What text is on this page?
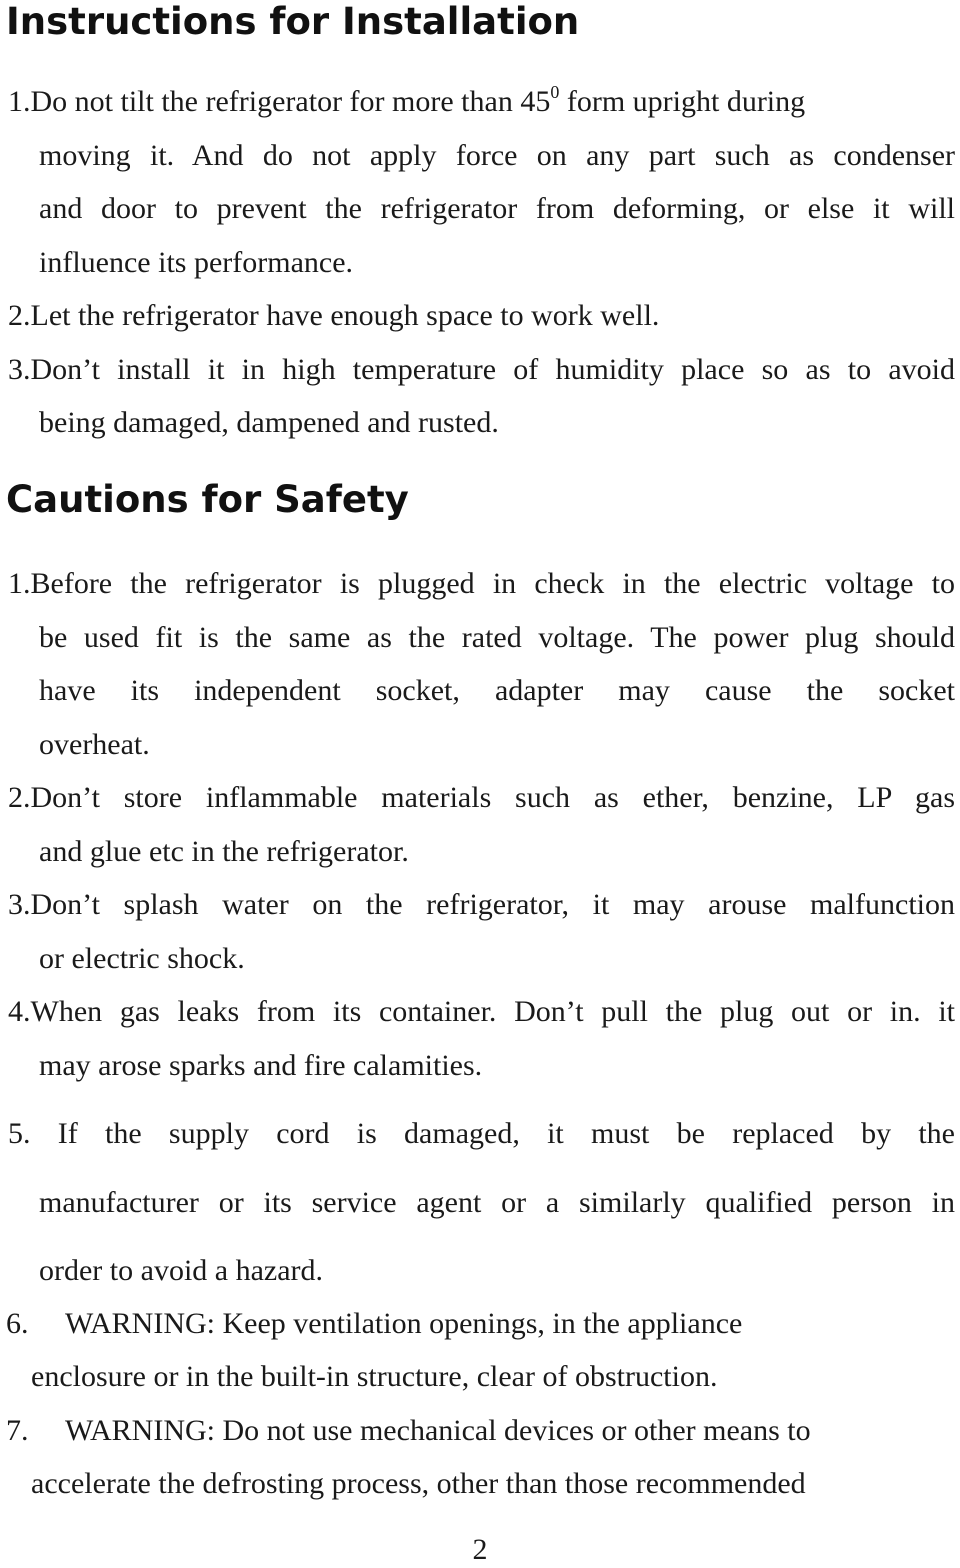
Instructions for Installation
1.Do not tilt the refrigerator for more than $45^0$ form upright during
moving it. And do not apply force on any part such as condenser
and door to prevent the refrigerator from deforming, or else it will
influence its performance.
2.Let the refrigerator have enough space to work well.
3.Don’t install it in high temperature of humidity place so as to avoid
being damaged, dampened and rusted.
Cautions for Safety
1.Before the refrigerator is plugged in check in the electric voltage to
be used fit is the same as the rated voltage. The power plug should
have its independent socket, adapter may cause the socket
overheat.
2.Don’t store inflammable materials such as ether, benzine, LP gas
and glue etc in the refrigerator.
3.Don’t splash water on the refrigerator, it may arouse malfunction
or electric shock.
4.When gas leaks from its container. Don’t pull the plug out or in. it
may arose sparks and fire calamities.
5. If the supply cord is damaged, it must be replaced by the
manufacturer or its service agent or a similarly qualified person in
order to avoid a hazard.
6. WARNING: Keep ventilation openings, in the appliance
enclosure or in the built-in structure, clear of obstruction.
7. WARNING: Do not use mechanical devices or other means to
accelerate the defrosting process, other than those recommended
2
